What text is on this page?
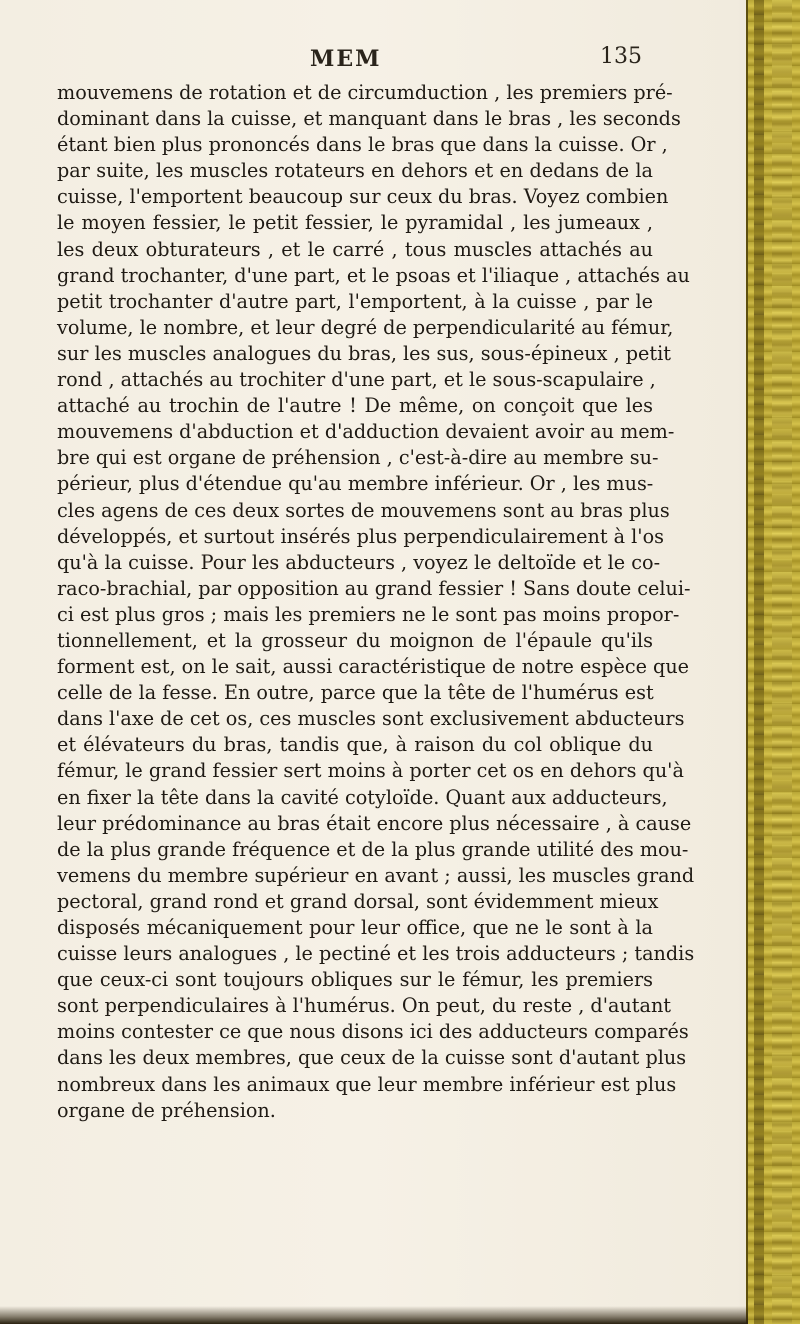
MEM	135
mouvemens de rotation et de circumduction , les premiers pré-
dominant dans la cuisse, et manquant dans le bras , les seconds
étant bien plus prononcés dans le bras que dans la cuisse. Or ,
par suite, les muscles rotateurs en dehors et en dedans de la
cuisse, l'emportent beaucoup sur ceux du bras. Voyez combien
le moyen fessier, le petit fessier, le pyramidal , les jumeaux ,
les deux obturateurs , et le carré , tous muscles attachés au
grand trochanter, d'une part, et le psoas et l'iliaque , attachés au
petit trochanter d'autre part, l'emportent, à la cuisse , par le
volume, le nombre, et leur degré de perpendicularité au fémur,
sur les muscles analogues du bras, les sus, sous-épineux , petit
rond , attachés au trochiter d'une part, et le sous-scapulaire ,
attaché au trochin de l'autre ! De même, on conçoit que les
mouvemens d'abduction et d'adduction devaient avoir au mem-
bre qui est organe de préhension , c'est-à-dire au membre su-
périeur, plus d'étendue qu'au membre inférieur. Or , les mus-
cles agens de ces deux sortes de mouvemens sont au bras plus
développés, et surtout insérés plus perpendiculairement à l'os
qu'à la cuisse. Pour les abducteurs , voyez le deltoïde et le co-
raco-brachial, par opposition au grand fessier ! Sans doute celui-
ci est plus gros ; mais les premiers ne le sont pas moins propor-
tionnellement, et la grosseur du moignon de l'épaule qu'ils
forment est, on le sait, aussi caractéristique de notre espèce que
celle de la fesse. En outre, parce que la tête de l'humérus est
dans l'axe de cet os, ces muscles sont exclusivement abducteurs
et élévateurs du bras, tandis que, à raison du col oblique du
fémur, le grand fessier sert moins à porter cet os en dehors qu'à
en fixer la tête dans la cavité cotyloïde. Quant aux adducteurs,
leur prédominance au bras était encore plus nécessaire , à cause
de la plus grande fréquence et de la plus grande utilité des mou-
vemens du membre supérieur en avant ; aussi, les muscles grand
pectoral, grand rond et grand dorsal, sont évidemment mieux
disposés mécaniquement pour leur office, que ne le sont à la
cuisse leurs analogues , le pectiné et les trois adducteurs ; tandis
que ceux-ci sont toujours obliques sur le fémur, les premiers
sont perpendiculaires à l'humérus. On peut, du reste , d'autant
moins contester ce que nous disons ici des adducteurs comparés
dans les deux membres, que ceux de la cuisse sont d'autant plus
nombreux dans les animaux que leur membre inférieur est plus
organe de préhension.
